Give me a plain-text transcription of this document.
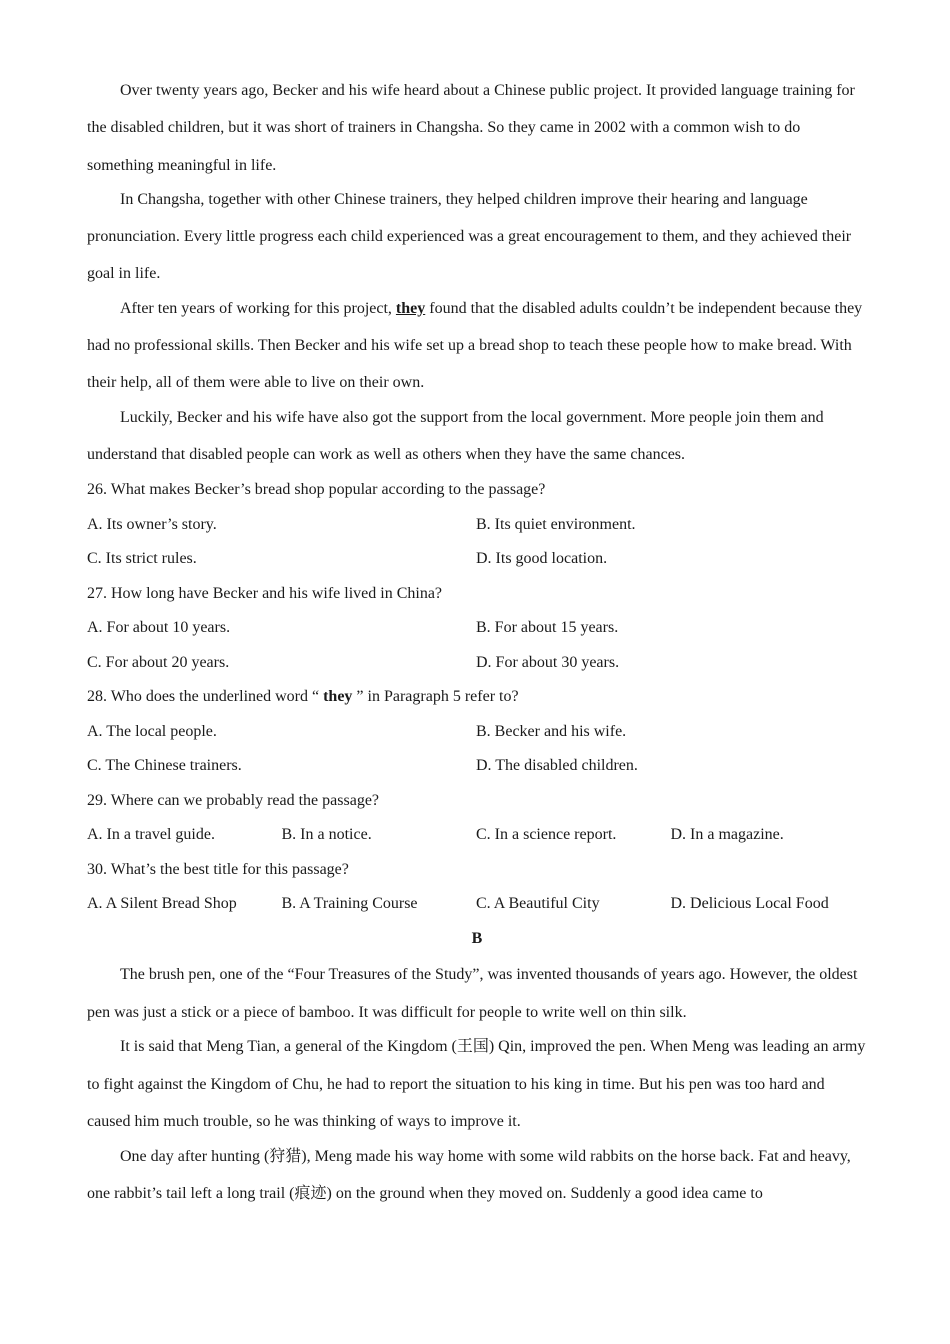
Over twenty years ago, Becker and his wife heard about a Chinese public project. It provided language training for the disabled children, but it was short of trainers in Changsha. So they came in 2002 with a common wish to do something meaningful in life.

In Changsha, together with other Chinese trainers, they helped children improve their hearing and language pronunciation. Every little progress each child experienced was a great encouragement to them, and they achieved their goal in life.

After ten years of working for this project, they found that the disabled adults couldn’t be independent because they had no professional skills. Then Becker and his wife set up a bread shop to teach these people how to make bread. With their help, all of them were able to live on their own.

Luckily, Becker and his wife have also got the support from the local government. More people join them and understand that disabled people can work as well as others when they have the same chances.

26. What makes Becker’s bread shop popular according to the passage?
A. Its owner’s story.	B. Its quiet environment.
C. Its strict rules.	D. Its good location.
27. How long have Becker and his wife lived in China?
A. For about 10 years.	B. For about 15 years.
C. For about 20 years.	D. For about 30 years.
28. Who does the underlined word “ they ” in Paragraph 5 refer to?
A. The local people.	B. Becker and his wife.
C. The Chinese trainers.	D. The disabled children.
29. Where can we probably read the passage?
A. In a travel guide.	B. In a notice.	C. In a science report.	D. In a magazine.
30. What’s the best title for this passage?
A. A Silent Bread Shop	B. A Training Course	C. A Beautiful City	D. Delicious Local Food
B

The brush pen, one of the “Four Treasures of the Study”, was invented thousands of years ago. However, the oldest pen was just a stick or a piece of bamboo. It was difficult for people to write well on thin silk.

It is said that Meng Tian, a general of the Kingdom (王国) Qin, improved the pen. When Meng was leading an army to fight against the Kingdom of Chu, he had to report the situation to his king in time. But his pen was too hard and caused him much trouble, so he was thinking of ways to improve it.

One day after hunting (狩猎), Meng made his way home with some wild rabbits on the horse back. Fat and heavy, one rabbit’s tail left a long trail (痕迹) on the ground when they moved on. Suddenly a good idea came to
